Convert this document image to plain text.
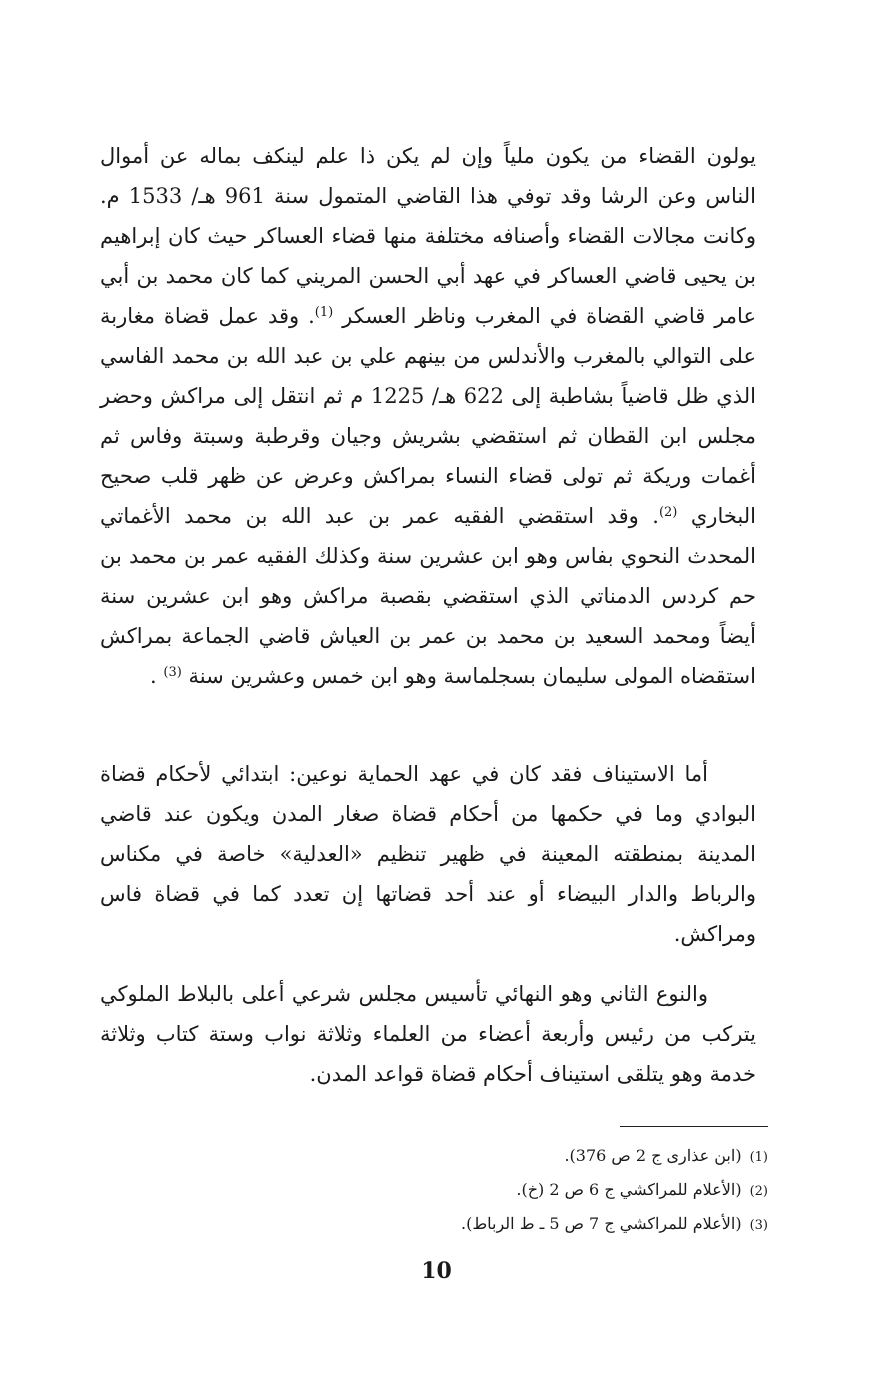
يولون القضاء من يكون ملياً وإن لم يكن ذا علم لينكف بماله عن أموال الناس وعن الرشا وقد توفي هذا القاضي المتمول سنة 961 هـ/ 1533 م. وكانت مجالات القضاء وأصنافه مختلفة منها قضاء العساكر حيث كان إبراهيم بن يحيى قاضي العساكر في عهد أبي الحسن المريني كما كان محمد بن أبي عامر قاضي القضاة في المغرب وناظر العسكر $^{(1)}$. وقد عمل قضاة مغاربة على التوالي بالمغرب والأندلس من بينهم علي بن عبد الله بن محمد الفاسي الذي ظل قاضياً بشاطبة إلى 622 هـ/ 1225 م ثم انتقل إلى مراكش وحضر مجلس ابن القطان ثم استقضي بشريش وجيان وقرطبة وسبتة وفاس ثم أغمات وريكة ثم تولى قضاء النساء بمراكش وعرض عن ظهر قلب صحيح البخاري $^{(2)}$. وقد استقضي الفقيه عمر بن عبد الله بن محمد الأغماتي المحدث النحوي بفاس وهو ابن عشرين سنة وكذلك الفقيه عمر بن محمد بن حم كردس الدمناتي الذي استقضي بقصبة مراكش وهو ابن عشرين سنة أيضاً ومحمد السعيد بن محمد بن عمر بن العياش قاضي الجماعة بمراكش استقضاه المولى سليمان بسجلماسة وهو ابن خمس وعشرين سنة $^{(3)}$ .

أما الاستيناف فقد كان في عهد الحماية نوعين: ابتدائي لأحكام قضاة البوادي وما في حكمها من أحكام قضاة صغار المدن ويكون عند قاضي المدينة بمنطقته المعينة في ظهير تنظيم «العدلية» خاصة في مكناس والرباط والدار البيضاء أو عند أحد قضاتها إن تعدد كما في قضاة فاس ومراكش.

والنوع الثاني وهو النهائي تأسيس مجلس شرعي أعلى بالبلاط الملوكي يتركب من رئيس وأربعة أعضاء من العلماء وثلاثة نواب وستة كتاب وثلاثة خدمة وهو يتلقى استيناف أحكام قضاة قواعد المدن.

(1)(ابن عذارى ج 2 ص 376).
(2)(الأعلام للمراكشي ج 6 ص 2 (خ).
(3)(الأعلام للمراكشي ج 7 ص 5 ـ ط الرباط).
10
